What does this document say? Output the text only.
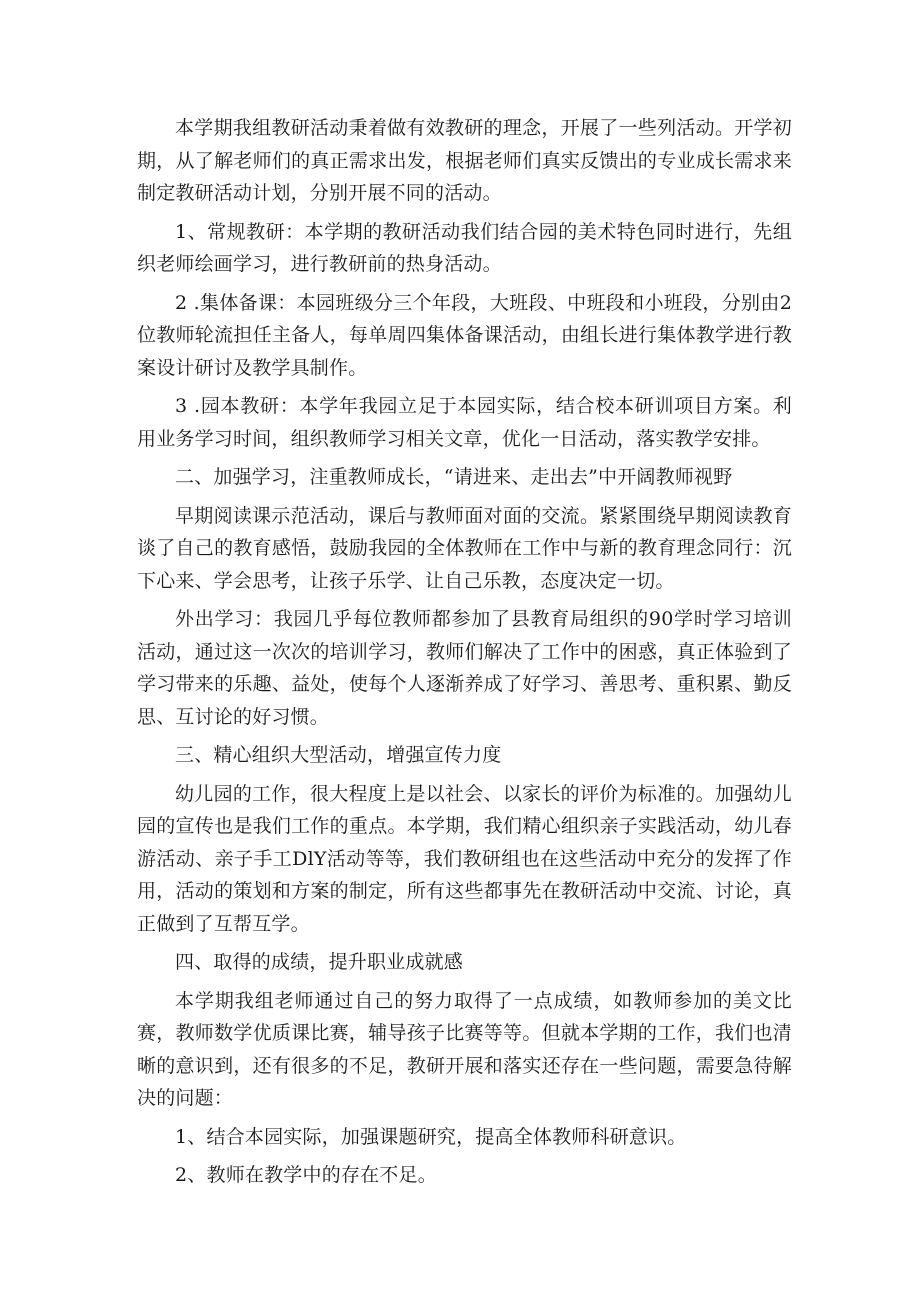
本学期我组教研活动秉着做有效教研的理念，开展了一些列活动。开学初期，从了解老师们的真正需求出发，根据老师们真实反馈出的专业成长需求来制定教研活动计划，分别开展不同的活动。

1、常规教研：本学期的教研活动我们结合园的美术特色同时进行，先组织老师绘画学习，进行教研前的热身活动。

2 .集体备课：本园班级分三个年段，大班段、中班段和小班段，分别由2位教师轮流担任主备人，每单周四集体备课活动，由组长进行集体教学进行教案设计研讨及教学具制作。

3 .园本教研：本学年我园立足于本园实际，结合校本研训项目方案。利用业务学习时间，组织教师学习相关文章，优化一日活动，落实教学安排。

二、加强学习，注重教师成长，“请进来、走出去”中开阔教师视野

早期阅读课示范活动，课后与教师面对面的交流。紧紧围绕早期阅读教育谈了自己的教育感悟，鼓励我园的全体教师在工作中与新的教育理念同行：沉下心来、学会思考，让孩子乐学、让自己乐教，态度决定一切。

外出学习：我园几乎每位教师都参加了县教育局组织的90学时学习培训活动，通过这一次次的培训学习，教师们解决了工作中的困惑，真正体验到了学习带来的乐趣、益处，使每个人逐渐养成了好学习、善思考、重积累、勤反思、互讨论的好习惯。

三、精心组织大型活动，增强宣传力度

幼儿园的工作，很大程度上是以社会、以家长的评价为标准的。加强幼儿园的宣传也是我们工作的重点。本学期，我们精心组织亲子实践活动，幼儿春游活动、亲子手工DlY活动等等，我们教研组也在这些活动中充分的发挥了作用，活动的策划和方案的制定，所有这些都事先在教研活动中交流、讨论，真正做到了互帮互学。

四、取得的成绩，提升职业成就感

本学期我组老师通过自己的努力取得了一点成绩，如教师参加的美文比赛，教师数学优质课比赛，辅导孩子比赛等等。但就本学期的工作，我们也清晰的意识到，还有很多的不足，教研开展和落实还存在一些问题，需要急待解决的问题：

1、结合本园实际，加强课题研究，提高全体教师科研意识。

2、教师在教学中的存在不足。
